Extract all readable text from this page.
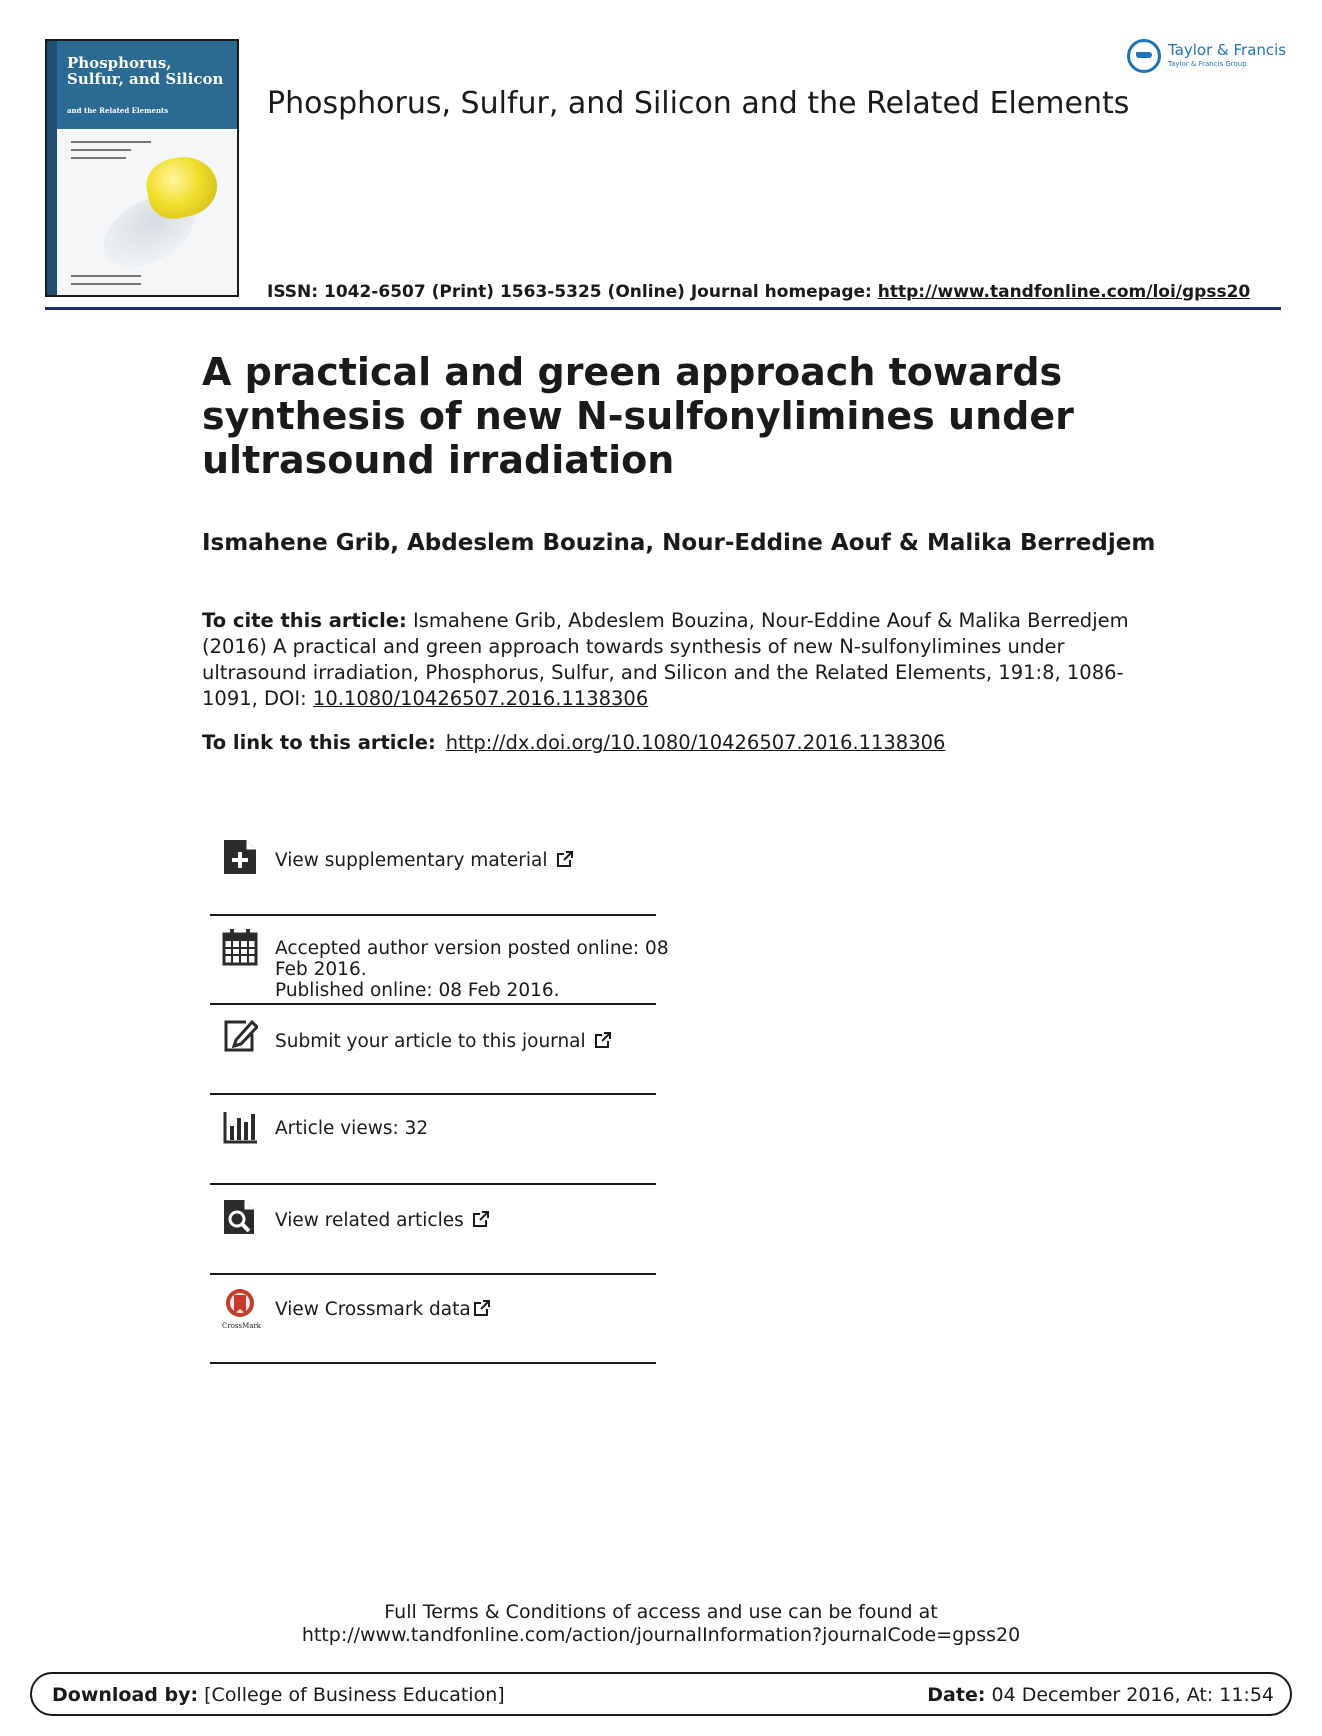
Phosphorus, Sulfur, and Silicon
and the Related Elements	Phosphorus, Sulfur, and Silicon and the Related Elements
ISSN: 1042-6507 (Print) 1563-5325 (Online) Journal homepage: http://www.tandfonline.com/loi/gpss20
Taylor & Francis
Taylor & Francis Group
A practical and green approach towards synthesis of new N-sulfonylimines under ultrasound irradiation
Ismahene Grib, Abdeslem Bouzina, Nour-Eddine Aouf & Malika Berredjem
To cite this article: Ismahene Grib, Abdeslem Bouzina, Nour-Eddine Aouf & Malika Berredjem (2016) A practical and green approach towards synthesis of new N-sulfonylimines under ultrasound irradiation, Phosphorus, Sulfur, and Silicon and the Related Elements, 191:8, 1086-1091, DOI: 10.1080/10426507.2016.1138306
To link to this article: http://dx.doi.org/10.1080/10426507.2016.1138306
View supplementary material
Accepted author version posted online: 08
Feb 2016.
Published online: 08 Feb 2016.
Submit your article to this journal
Article views: 32
View related articles
CrossMark
View Crossmark data
Full Terms & Conditions of access and use can be found at
http://www.tandfonline.com/action/journalInformation?journalCode=gpss20
Download by: [College of Business Education]	Date: 04 December 2016, At: 11:54
